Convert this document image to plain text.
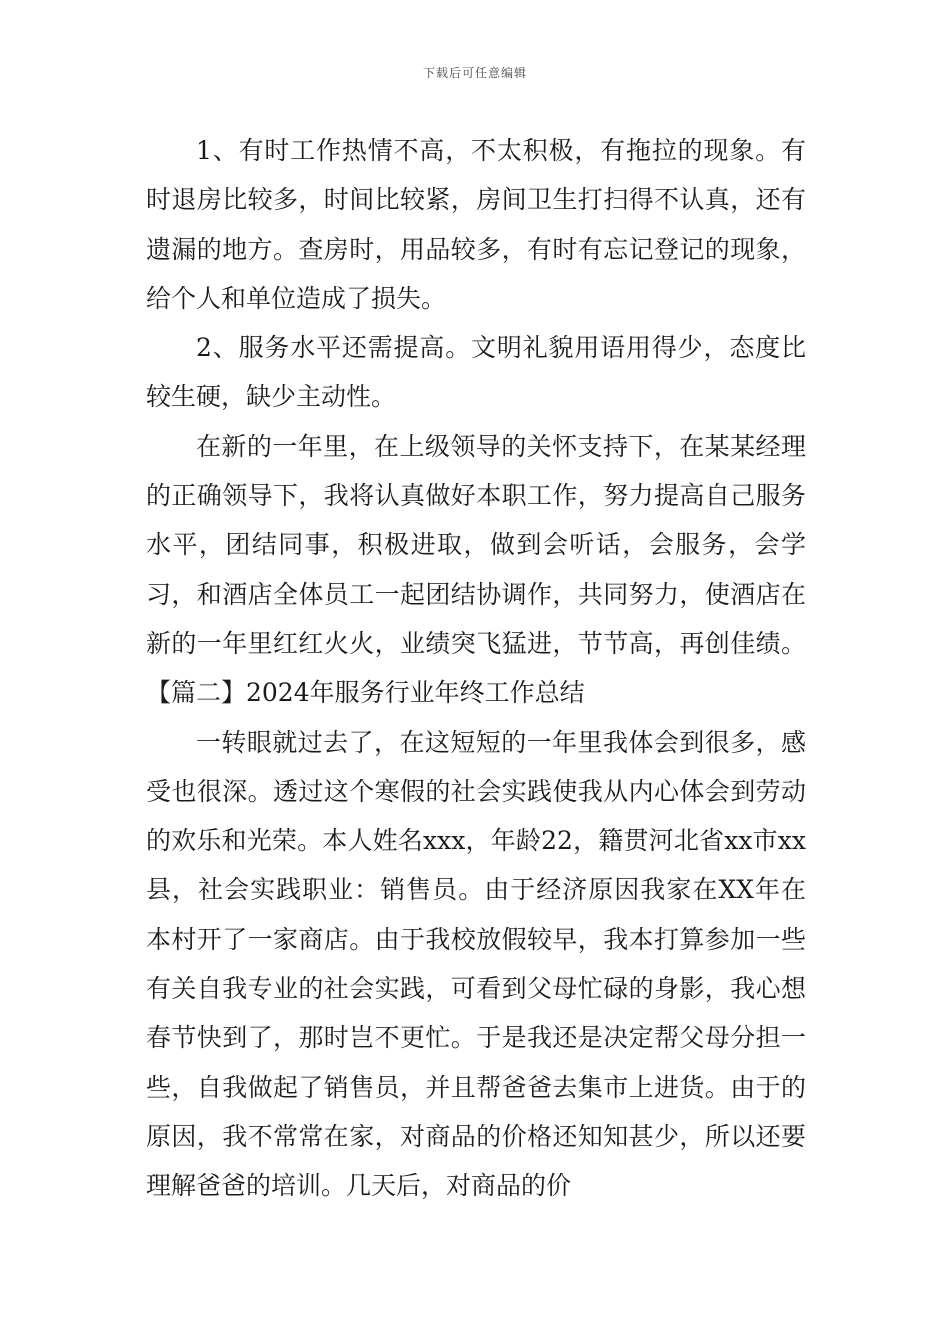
下载后可任意编辑

1、有时工作热情不高，不太积极，有拖拉的现象。有时退房比较多，时间比较紧，房间卫生打扫得不认真，还有遗漏的地方。查房时，用品较多，有时有忘记登记的现象，给个人和单位造成了损失。

2、服务水平还需提高。文明礼貌用语用得少，态度比较生硬，缺少主动性。

在新的一年里，在上级领导的关怀支持下，在某某经理的正确领导下，我将认真做好本职工作，努力提高自己服务水平，团结同事，积极进取，做到会听话，会服务，会学习，和酒店全体员工一起团结协调作，共同努力，使酒店在新的一年里红红火火，业绩突飞猛进，节节高，再创佳绩。【篇二】2024年服务行业年终工作总结

一转眼就过去了，在这短短的一年里我体会到很多，感受也很深。透过这个寒假的社会实践使我从内心体会到劳动的欢乐和光荣。本人姓名xxx，年龄22，籍贯河北省xx市xx县，社会实践职业：销售员。由于经济原因我家在XX年在本村开了一家商店。由于我校放假较早，我本打算参加一些有关自我专业的社会实践，可看到父母忙碌的身影，我心想春节快到了，那时岂不更忙。于是我还是决定帮父母分担一些，自我做起了销售员，并且帮爸爸去集市上进货。由于的原因，我不常常在家，对商品的价格还知知甚少，所以还要理解爸爸的培训。几天后，对商品的价
